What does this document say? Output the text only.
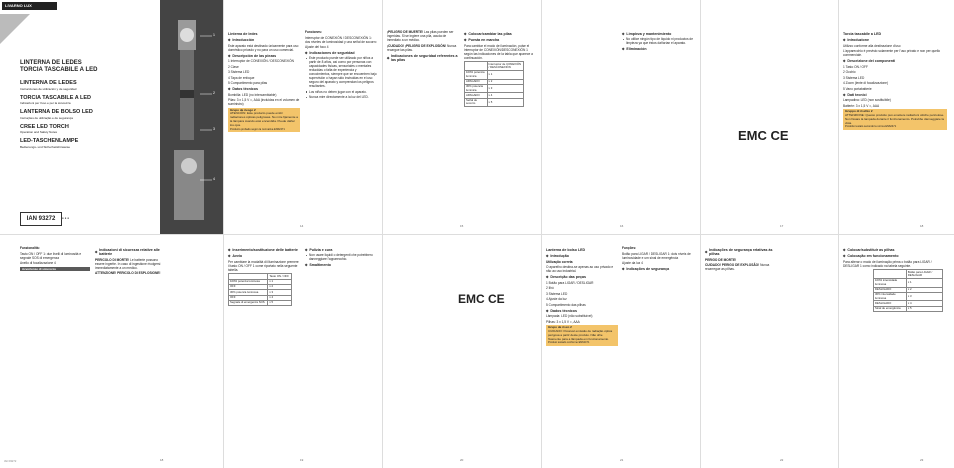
LIVARNO LUX
LINTERNA DE LEDES
TORCIA TASCABILE A LED
LINTERNA DE LEDES
Instrucciones de utilización y de seguridad
TORCIA TASCABILE A LED
Indicazioni per l'uso e per la sicurezza
LANTERNA DE BOLSO LED
Instruções de utilização e de segurança
CREE LED TORCH
Operation and Safety Notes
LED-TASCHENLAMPE
Bedienungs- und Sicherheitshinweise
IAN 93272	● ● ●
1
2
3
4
Linterna de ledes
Introducción
Este aparato está destinado únicamente para uso doméstico privado y no para un uso comercial.
Descripción de las piezas
1 Interruptor de CONEXIÓN / DESCONEXIÓN
2 Clave
3 Sistema LED
4 Tapa de enfoque
5 Compartimento para pilas
Datos técnicos
Bombilla: LED (no intercambiable)
Pilas: 3 x 1,5 V =, AAA (incluidas en el volumen de suministro)
Grupo de riesgo 2
ATENCIÓN: Este producto puede emitir radiaciones ópticas peligrosas. No mire fijamente a la lámpara cuando esté encendida. Puede dañar los ojos.
Producto probado según la normativa EN62471
Funciones:
Interruptor de CONEXIÓN / DESCONEXIÓN 1: dos niveles de luminosidad y una señal de socorro
Ajuste del foco 4
Indicaciones de seguridad
Este producto puede ser utilizado por niños a partir de 8 años, así como por personas con capacidades físicas, sensoriales o mentales reducidas o falta de experiencia y conocimientos, siempre que se encuentren bajo supervisión o hayan sido instruidas en el uso seguro del aparato y comprendan los peligros resultantes.
Los niños no deben jugar con el aparato.
Nunca mire directamente a la luz del LED.
¡PELIGRO DE MUERTE! Las pilas pueden ser ingeridas. Si se ingiere una pila, acuda de inmediato a un médico.
¡CUIDADO! ¡PELIGRO DE EXPLOSIÓN! Nunca recargue las pilas.
Indicaciones de seguridad referentes a las pilas
Colocar/cambiar las pilas
Puesta en marcha
Para cambiar el modo de iluminación, pulse el interruptor de CONEXIÓN/DESCONEXIÓN 1 según las indicaciones de la tabla que aparece a continuación.
	Interruptor de CONEXIÓN / DESCONEXIÓN
100% potencia lumínica	x 1
APAGADO	x 2
30% potencia lumínica	x 3
APAGADO	x 4
Señal de socorro	x 5
Limpieza y mantenimiento
No utilice ningún tipo de líquido ni productos de limpieza ya que éstos dañarían el aparato.
Eliminación
EMC CE
Torcia tascabile a LED
Introduzione
Utilizzo conforme alla destinazione d'uso
L'apparecchio è previsto solamente per l'uso privato e non per quello commerciale.
Descrizione dei componenti
1 Tasto ON / OFF
2 Occhio
3 Sistema LED
4 Zoom (lente di focalizzazione)
5 Vano portabatterie
Dati tecnici
Lampadina: LED (non sostituibile)
Batterie: 3 x 1,5 V =, AAA
Gruppo di rischio 2
ATTENZIONE: Questo prodotto può emettere radiazioni ottiche pericolose. Non fissare la lampada durante il funzionamento. Potrebbe danneggiare la vista.
Prodotto testato secondo la norma EN62471
Funzionalità:
Tasto ON / OFF 1: due livelli di luminosità e segnale SOS di emergenza
Anello di focalizzazione 4
Avvertenze di sicurezza
Indicazioni di sicurezza relative alle batterie
PERICOLO DI MORTE! Le batterie possono essere ingerite. In caso di ingestione rivolgersi immediatamente a un medico.
ATTENZIONE! PERICOLO DI ESPLOSIONE!
Inserimento/sostituzione delle batterie
Avvio
Per cambiare la modalità di illuminazione premere il tasto ON / OFF 1 come riportato nella seguente tabella.
	Tasto ON / OFF
100% potenza luminosa	x 1
OFF	x 2
30% potenza luminosa	x 3
OFF	x 4
Segnale di emergenza SOS	x 5
Pulizia e cura
Non usare liquidi o detergenti che potrebbero danneggiare l'apparecchio.
Smaltimento
EMC CE
Lanterna de bolso LED
Introdução
Utilização correta
O aparelho destina-se apenas ao uso privado e não ao uso industrial.
Descrição das peças
1 Botão para LIGAR / DESLIGAR
2 Ilhó
3 Sistema LED
4 Ajuste da luz
5 Compartimento das pilhas
Dados técnicos
Lâmpada: LED (não substituível)
Pilhas: 3 x 1,5 V =, AAA
Grupo de risco 2
CUIDADO: Possível emissão de radiação óptica perigosa a partir deste produto. Não olhe fixamente para a lâmpada em funcionamento.
Produto testado conforme EN62471
Funções:
Botão para LIGAR / DESLIGAR 1: dois níveis de luminosidade e um sinal de emergência
Ajuste da luz 4
Indicações de segurança
Indicações de segurança relativas às pilhas
PERIGO DE MORTE!
CUIDADO! PERIGO DE EXPLOSÃO! Nunca recarregue as pilhas.
Colocar/substituir as pilhas
Colocação em funcionamento
Para alterar o modo de iluminação prima o botão para LIGAR / DESLIGAR 1 como indicado na tabela seguinte.
	Botão para LIGAR / DESLIGAR
100% intensidade luminosa	x 1
DESLIGADO	x 2
30% intensidade luminosa	x 3
DESLIGADO	x 4
Sinal de emergência	x 5
14	15	16	17	18
18	19	20	21	22	23
IAN 93272
